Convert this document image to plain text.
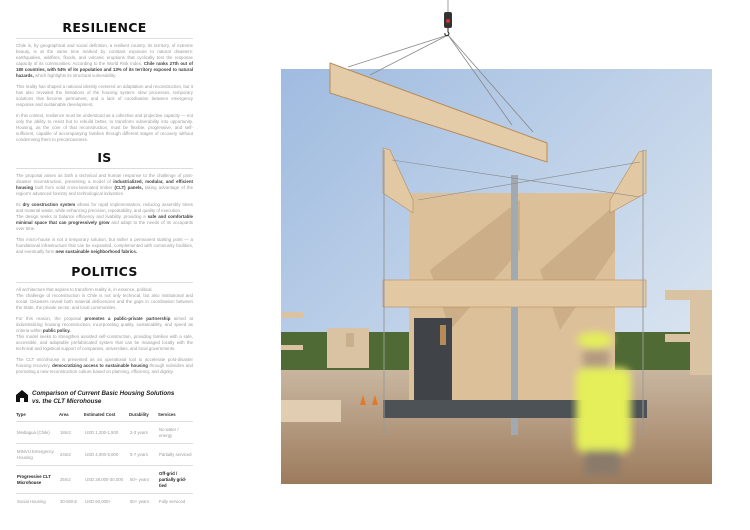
RESILIENCE

Chile is, by geographical and social definition, a resilient country. Its territory, of extreme beauty, is at the same time marked by constant exposure to natural disasters: earthquakes, wildfires, floods, and volcanic eruptions that cyclically test the response capacity of its communities. According to the World Risk Index, Chile ranks 27th out of 180 countries, with 54% of its population and 13% of its territory exposed to natural hazards, which highlights its structural vulnerability.

This reality has shaped a national identity centered on adaptation and reconstruction, but it has also revealed the limitations of the housing system: slow processes, temporary solutions that become permanent, and a lack of coordination between emergency response and sustainable development.

In this context, resilience must be understood as a collective and projective capacity — not only the ability to resist but to rebuild better, to transform vulnerability into opportunity. Housing, as the core of that reconstruction, must be flexible, progressive, and self-sufficient, capable of accompanying families through different stages of recovery without condemning them to precariousness.

IS

The proposal arises as both a technical and human response to the challenge of post-disaster reconstruction, presenting a model of industrialized, modular, and efficient housing built from solid cross-laminated timber (CLT) panels, taking advantage of the region's advanced forestry and technological industries.

Its dry construction system allows for rapid implementation, reducing assembly times and material waste, while enhancing precision, repeatability, and quality of execution.
The design seeks to balance efficiency and livability, providing a safe and comfortable minimal space that can progressively grow and adapt to the needs of its occupants over time.

This micro-house is not a temporary solution, but rather a permanent starting point — a foundational infrastructure that can be expanded, complemented with community facilities, and eventually form new sustainable neighborhood fabrics.

POLITICS

All architecture that aspires to transform reality is, in essence, political.
The challenge of reconstruction in Chile is not only technical, but also institutional and social. Disasters reveal both material deficiencies and the gaps in coordination between the State, the private sector, and local communities.

For this reason, the proposal promotes a public-private partnership aimed at industrializing housing reconstruction, incorporating quality, sustainability, and speed as criteria within public policy.
This model seeks to strengthen assisted self-construction, providing families with a safe, accessible, and adaptable prefabricated system that can be managed locally with the technical and logistical support of companies, universities, and local governments.

The CLT microhouse is presented as an operational tool to accelerate post-disaster housing recovery, democratizing access to sustainable housing through subsidies and promoting a new reconstruction culture based on planning, efficiency, and dignity.

Comparison of Current Basic Housing Solutions
vs. the CLT Microhouse
Type	Area	Estimated Cost	Durability	Services
Mediagua (Chile)	18m2	USD 1,200-1,500	2-3 years	No water / energy
MINVU Emergency Housing	24m2	USD 4,000-5,000	5-7 years	Partially serviced
Progressive CLT Microhouse	25m2	USD 28,000-30,000	50+ years	Off-grid / partially grid-tied
Social Housing	30-50m2	USD 60,000+	50+ years	Fully serviced
